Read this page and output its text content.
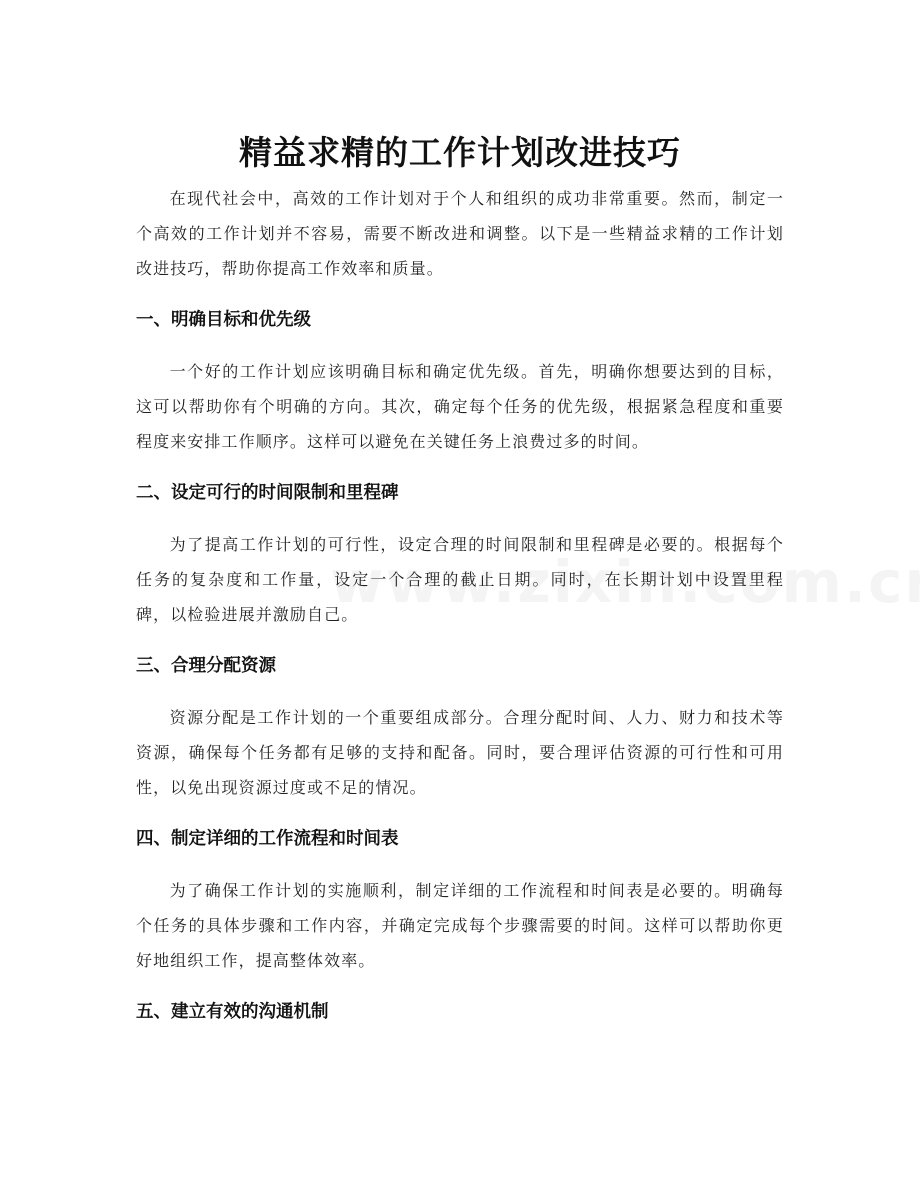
精益求精的工作计划改进技巧

在现代社会中，高效的工作计划对于个人和组织的成功非常重要。然而，制定一个高效的工作计划并不容易，需要不断改进和调整。以下是一些精益求精的工作计划改进技巧，帮助你提高工作效率和质量。

一、明确目标和优先级

一个好的工作计划应该明确目标和确定优先级。首先，明确你想要达到的目标，这可以帮助你有个明确的方向。其次，确定每个任务的优先级，根据紧急程度和重要程度来安排工作顺序。这样可以避免在关键任务上浪费过多的时间。

二、设定可行的时间限制和里程碑

为了提高工作计划的可行性，设定合理的时间限制和里程碑是必要的。根据每个任务的复杂度和工作量，设定一个合理的截止日期。同时，在长期计划中设置里程碑，以检验进展并激励自己。

三、合理分配资源

资源分配是工作计划的一个重要组成部分。合理分配时间、人力、财力和技术等资源，确保每个任务都有足够的支持和配备。同时，要合理评估资源的可行性和可用性，以免出现资源过度或不足的情况。

四、制定详细的工作流程和时间表

为了确保工作计划的实施顺利，制定详细的工作流程和时间表是必要的。明确每个任务的具体步骤和工作内容，并确定完成每个步骤需要的时间。这样可以帮助你更好地组织工作，提高整体效率。

五、建立有效的沟通机制
